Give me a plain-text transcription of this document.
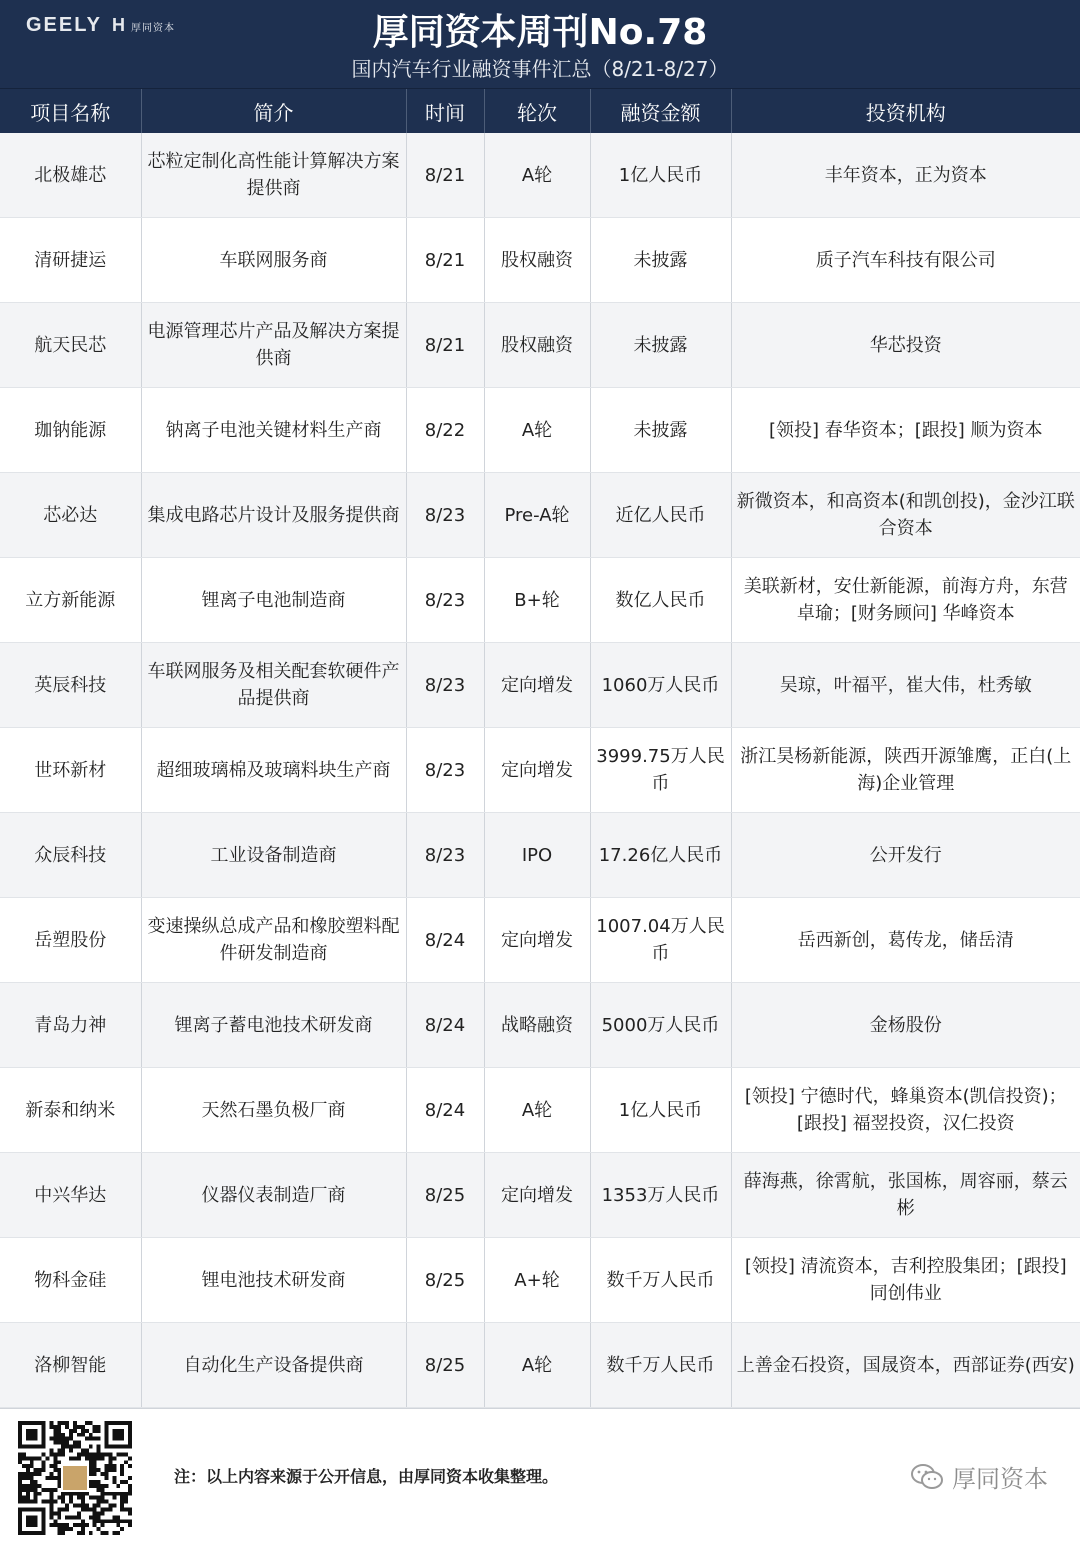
GEELY H 厚同资本	厚同资本周刊No.78
国内汽车行业融资事件汇总（8/21-8/27）
项目名称	简介	时间	轮次	融资金额	投资机构
北极雄芯	芯粒定制化高性能计算解决方案提供商	8/21	A轮	1亿人民币	丰年资本，正为资本
清研捷运	车联网服务商	8/21	股权融资	未披露	质子汽车科技有限公司
航天民芯	电源管理芯片产品及解决方案提供商	8/21	股权融资	未披露	华芯投资
珈钠能源	钠离子电池关键材料生产商	8/22	A轮	未披露	[领投] 春华资本；[跟投] 顺为资本
芯必达	集成电路芯片设计及服务提供商	8/23	Pre-A轮	近亿人民币	新微资本，和高资本(和凯创投)，金沙江联合资本
立方新能源	锂离子电池制造商	8/23	B+轮	数亿人民币	美联新材，安仕新能源，前海方舟，东营卓瑜；[财务顾问] 华峰资本
英辰科技	车联网服务及相关配套软硬件产品提供商	8/23	定向增发	1060万人民币	吴琼，叶福平，崔大伟，杜秀敏
世环新材	超细玻璃棉及玻璃料块生产商	8/23	定向增发	3999.75万人民币	浙江昊杨新能源，陕西开源雏鹰，正白(上海)企业管理
众辰科技	工业设备制造商	8/23	IPO	17.26亿人民币	公开发行
岳塑股份	变速操纵总成产品和橡胶塑料配件研发制造商	8/24	定向增发	1007.04万人民币	岳西新创，葛传龙，储岳清
青岛力神	锂离子蓄电池技术研发商	8/24	战略融资	5000万人民币	金杨股份
新泰和纳米	天然石墨负极厂商	8/24	A轮	1亿人民币	[领投] 宁德时代，蜂巢资本(凯信投资)；[跟投] 福翌投资，汉仁投资
中兴华达	仪器仪表制造厂商	8/25	定向增发	1353万人民币	薛海燕，徐霄航，张国栋，周容丽，蔡云彬
物科金硅	锂电池技术研发商	8/25	A+轮	数千万人民币	[领投] 清流资本，吉利控股集团；[跟投] 同创伟业
洛柳智能	自动化生产设备提供商	8/25	A轮	数千万人民币	上善金石投资，国晟资本，西部证券(西安)
注：以上内容来源于公开信息，由厚同资本收集整理。	厚同资本
